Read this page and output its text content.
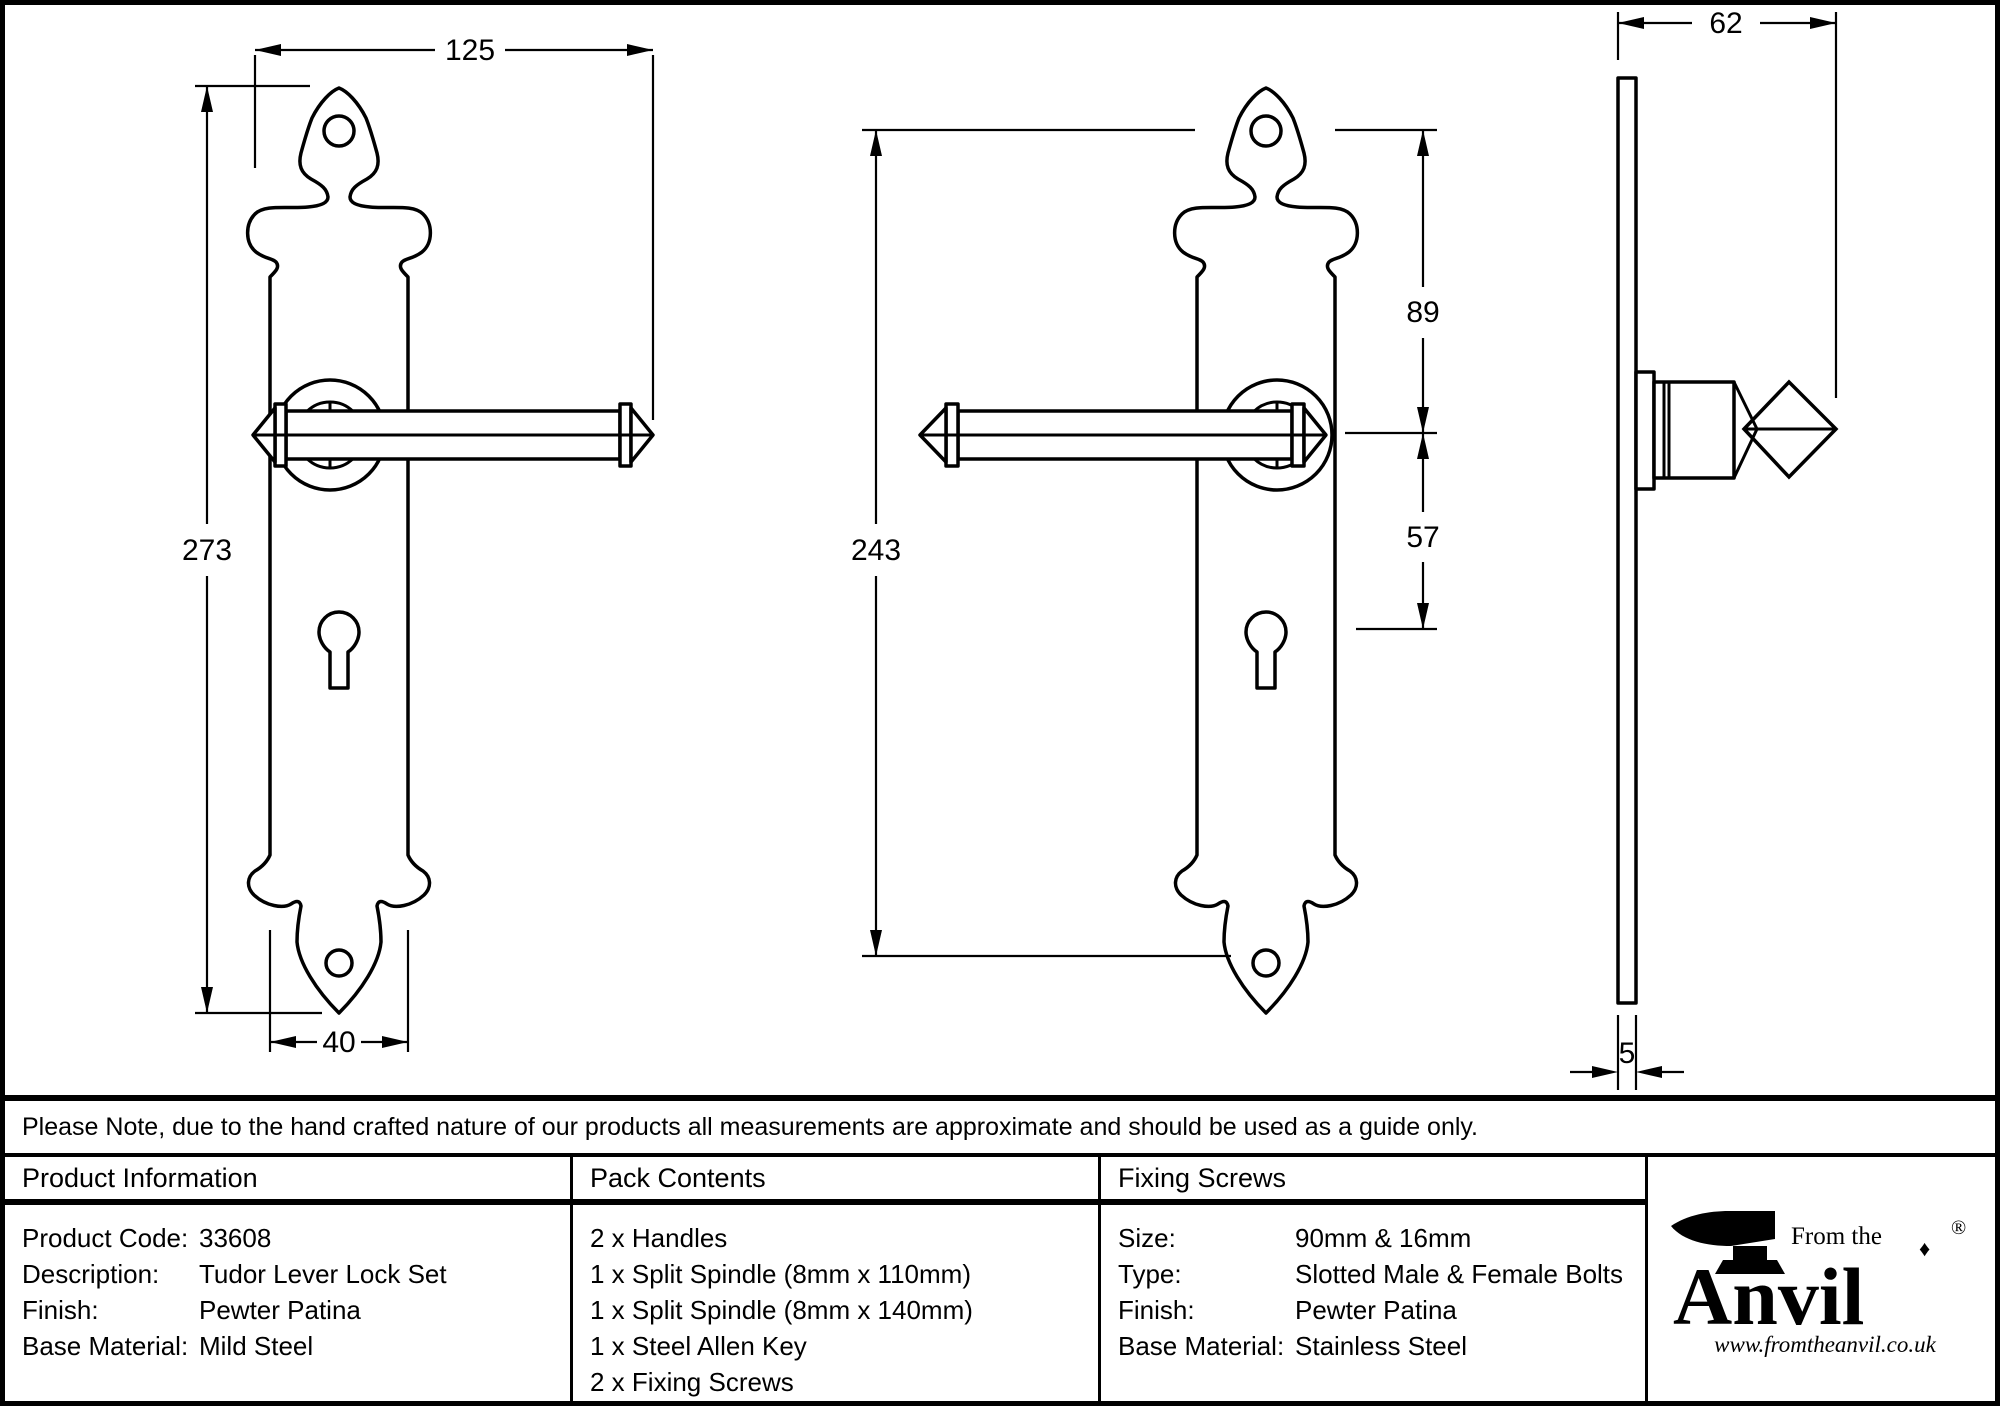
125
273
40
243
89
57
62
5
Please Note, due to the hand crafted nature of our products all measurements are approximate and should be used as a guide only.
Product Information
Product Code: 33608
Description:	Tudor Lever Lock Set
Finish:	Pewter Patina
Base Material: Mild Steel
Pack Contents
2 x Handles
1 x Split Spindle (8mm x 110mm)
1 x Split Spindle (8mm x 140mm)
1 x Steel Allen Key
2 x Fixing Screws
Fixing Screws
Size:	90mm & 16mm
Type:	Slotted Male & Female Bolts
Finish:	Pewter Patina
Base Material: Stainless Steel
From the ♦
Anvil
®
www.fromtheanvil.co.uk
